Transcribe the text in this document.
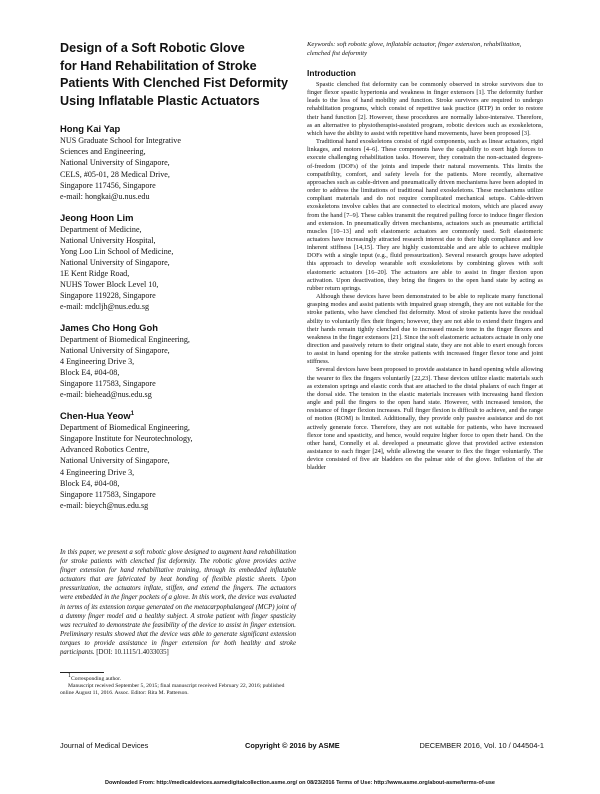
Design of a Soft Robotic Glove
for Hand Rehabilitation of Stroke
Patients With Clenched Fist Deformity
Using Inflatable Plastic Actuators
Hong Kai Yap
NUS Graduate School for Integrative
Sciences and Engineering,
National University of Singapore,
CELS, #05-01, 28 Medical Drive,
Singapore 117456, Singapore
e-mail: hongkai@u.nus.edu
Jeong Hoon Lim
Department of Medicine,
National University Hospital,
Yong Loo Lin School of Medicine,
National University of Singapore,
1E Kent Ridge Road,
NUHS Tower Block Level 10,
Singapore 119228, Singapore
e-mail: mdcljh@nus.edu.sg
James Cho Hong Goh
Department of Biomedical Engineering,
National University of Singapore,
4 Engineering Drive 3,
Block E4, #04-08,
Singapore 117583, Singapore
e-mail: biehead@nus.edu.sg
Chen-Hua Yeow$^1$
Department of Biomedical Engineering,
Singapore Institute for Neurotechnology,
Advanced Robotics Centre,
National University of Singapore,
4 Engineering Drive 3,
Block E4, #04-08,
Singapore 117583, Singapore
e-mail: bieych@nus.edu.sg
In this paper, we present a soft robotic glove designed to augment hand rehabilitation for stroke patients with clenched fist deformity. The robotic glove provides active finger extension for hand rehabilitative training, through its embedded inflatable actuators that are fabricated by heat bonding of flexible plastic sheets. Upon pressurization, the actuators inflate, stiffen, and extend the fingers. The actuators were embedded in the finger pockets of a glove. In this work, the device was evaluated in terms of its extension torque generated on the metacarpophalangeal (MCP) joint of a dummy finger model and a healthy subject. A stroke patient with finger spasticity was recruited to demonstrate the feasibility of the device to assist in finger extension. Preliminary results showed that the device was able to generate significant extension torques to provide assistance in finger extension for both healthy and stroke participants. [DOI: 10.1115/1.4033035]
$^1$Corresponding author.
Manuscript received September 5, 2015; final manuscript received February 22, 2016; published online August 11, 2016. Assoc. Editor: Rita M. Patterson.
Keywords: soft robotic glove, inflatable actuator, finger extension, rehabilitation, clenched fist deformity
Introduction

Spastic clenched fist deformity can be commonly observed in stroke survivors due to finger flexor spastic hypertonia and weakness in finger extensors [1]. The deformity further leads to the loss of hand mobility and function. Stroke survivors are required to undergo rehabilitation programs, which consist of repetitive task practice (RTP) in order to restore their hand function [2]. However, these procedures are normally labor-intensive. Therefore, as an alternative to physiotherapist-assisted program, robotic devices such as exoskeletons, which have the ability to assist with repetitive hand movements, have been proposed [3].

Traditional hand exoskeletons consist of rigid components, such as linear actuators, rigid linkages, and motors [4–6]. These components have the capability to exert high forces to execute challenging rehabilitation tasks. However, they constrain the non-actuated degrees-of-freedom (DOFs) of the joints and impede their natural movements. This limits the compatibility, comfort, and safety levels for the patients. More recently, alternative approaches such as cable-driven and pneumatically driven mechanisms have been adopted in order to address the limitations of traditional hand exoskeletons. These mechanisms utilize compliant materials and do not require complicated mechanical setups. Cable-driven exoskeletons involve cables that are connected to electrical motors, which are placed away from the hand [7–9]. These cables transmit the required pulling force to induce finger flexion and extension. In pneumatically driven mechanisms, actuators such as pneumatic artificial muscles [10–13] and soft elastomeric actuators are commonly used. Soft elastomeric actuators have increasingly attracted research interest due to their high compliance and low inherent stiffness [14,15]. They are highly customizable and are able to achieve multiple DOFs with a single input (e.g., fluid pressurization). Several research groups have adopted this approach to develop wearable soft exoskeletons by combining gloves with soft elastomeric actuators [16–20]. The actuators are able to assist in finger flexion upon activation. Upon deactivation, they bring the fingers to the open hand state by acting as rubber return springs.

Although these devices have been demonstrated to be able to replicate many functional grasping modes and assist patients with impaired grasp strength, they are not suitable for the stroke patients, who have clenched fist deformity. Most of stroke patients have the residual ability to voluntarily flex their fingers; however, they are not able to extend their fingers and their hands remain tightly clenched due to increased muscle tone in the finger flexors and weakness in the finger extensors [21]. Since the soft elastomeric actuators actuate in only one direction and passively return to their original state, they are not able to exert enough forces to assist in hand opening for the stroke patients with increased finger flexor tone and joint stiffness.

Several devices have been proposed to provide assistance in hand opening while allowing the wearer to flex the fingers voluntarily [22,23]. These devices utilize elastic materials such as extension springs and elastic cords that are attached to the distal phalanx of each finger at the dorsal side. The tension in the elastic materials increases with increasing hand flexion angle and pull the fingers to the open hand state. However, with increased tension, the resistance of finger flexion increases. Full finger flexion is difficult to achieve, and the range of motion (ROM) is limited. Additionally, they provide only passive assistance and do not actively generate force. Therefore, they are not suitable for patients, who have increased flexor tone and spasticity, and hence, would require higher force to open their hand. On the other hand, Connelly et al. developed a pneumatic glove that provided active extension assistance to each finger [24], while allowing the wearer to flex the finger voluntarily. The device consisted of five air bladders on the palmar side of the glove. Inflation of the air bladder

Journal of Medical Devices	Copyright © 2016 by ASME	DECEMBER 2016, Vol. 10 / 044504-1
Downloaded From: http://medicaldevices.asmedigitalcollection.asme.org/ on 08/23/2016 Terms of Use: http://www.asme.org/about-asme/terms-of-use
